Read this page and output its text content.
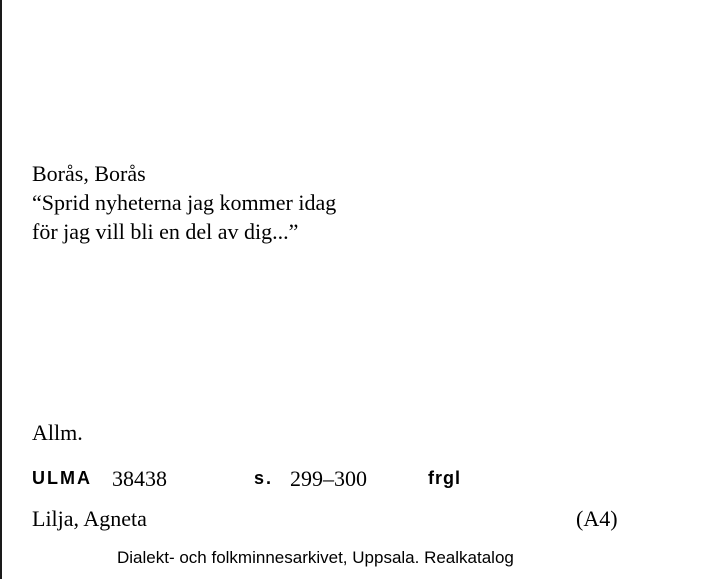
Borås, Borås
“Sprid nyheterna jag kommer idag
för jag vill bli en del av dig...”
Allm.
ULMA 38438	s. 299–300	frgl
Lilja, Agneta	(A4)
Dialekt- och folkminnesarkivet, Uppsala. Realkatalog
